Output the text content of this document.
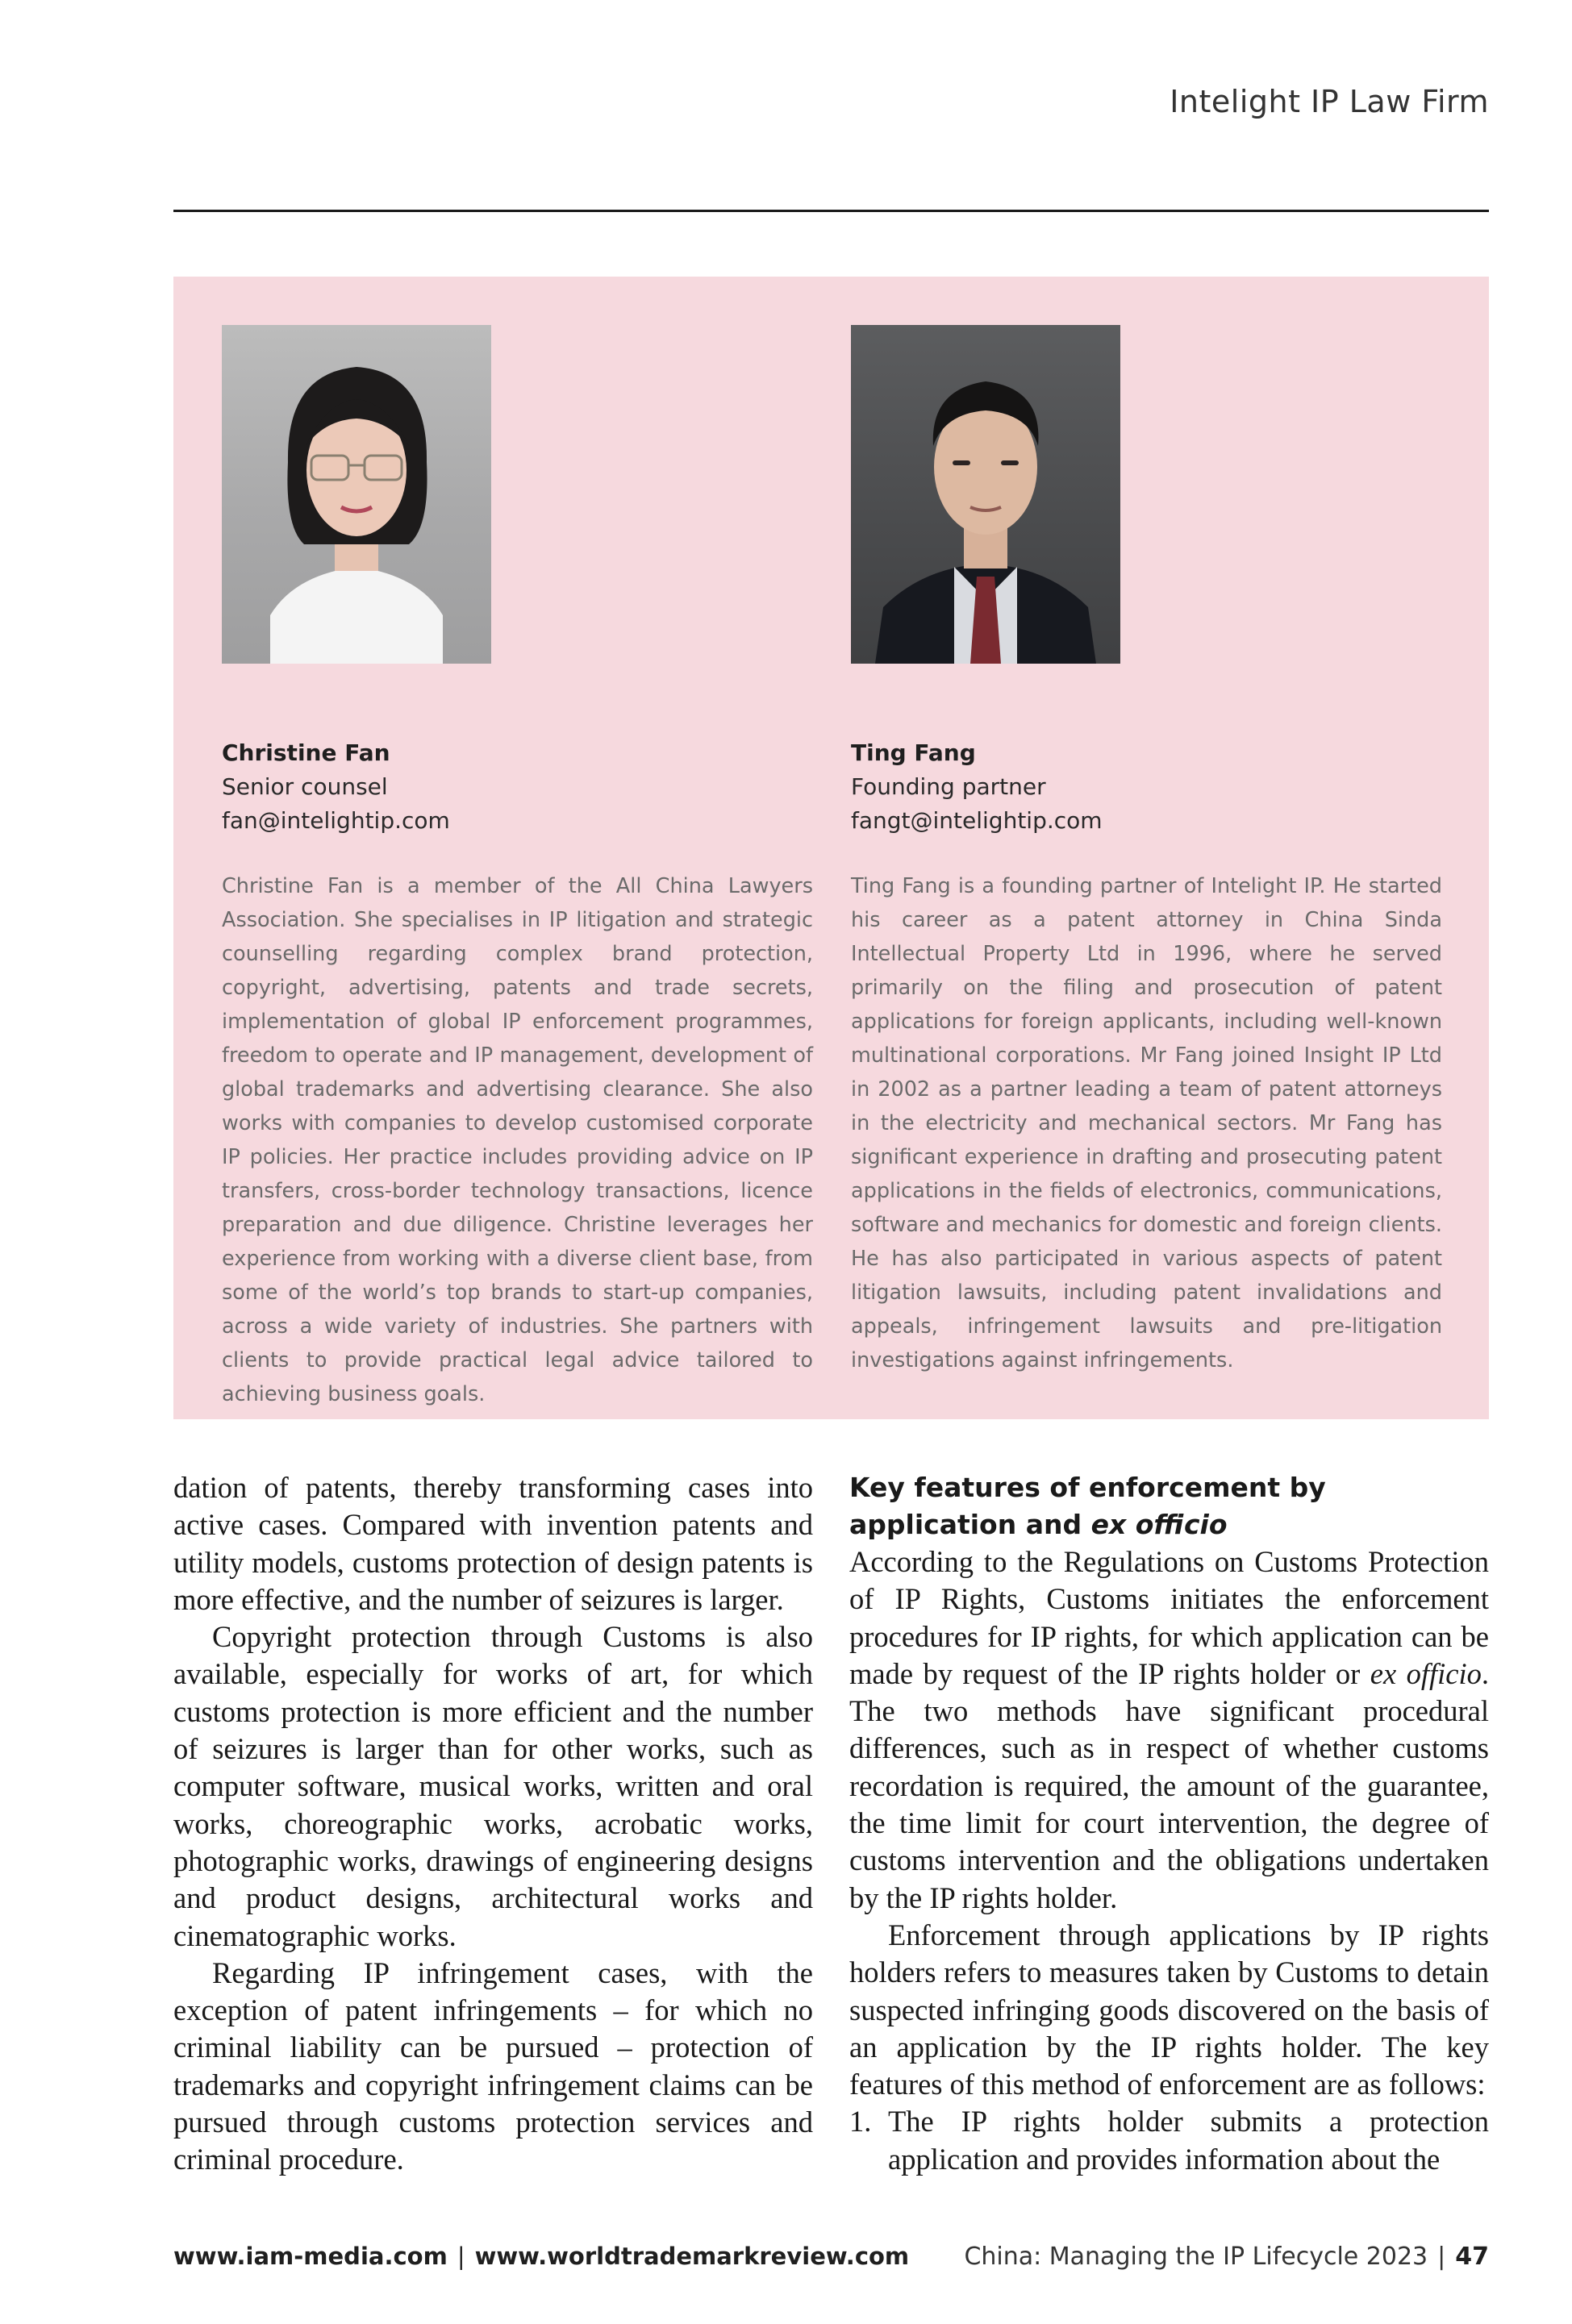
Intelight IP Law Firm
Christine Fan
Senior counsel
fan@intelightip.com
Ting Fang
Founding partner
fangt@intelightip.com
Christine Fan is a member of the All China Lawyers Association. She specialises in IP litigation and strategic counselling regarding complex brand protection, copyright, advertising, patents and trade secrets, implementation of global IP enforcement programmes, freedom to operate and IP management, development of global trademarks and advertising clearance. She also works with companies to develop customised corporate IP policies. Her practice includes providing advice on IP transfers, cross-border technology transactions, licence preparation and due diligence. Christine leverages her experience from working with a diverse client base, from some of the world’s top brands to start-up companies, across a wide variety of industries. She partners with clients to provide practical legal advice tailored to achieving business goals.
Ting Fang is a founding partner of Intelight IP. He started his career as a patent attorney in China Sinda Intellectual Property Ltd in 1996, where he served primarily on the filing and prosecution of patent applications for foreign applicants, including well-known multinational corporations. Mr Fang joined Insight IP Ltd in 2002 as a partner leading a team of patent attorneys in the electricity and mechanical sectors. Mr Fang has significant experience in drafting and prosecuting patent applications in the fields of electronics, communications, software and mechanics for domestic and foreign clients. He has also participated in various aspects of patent litigation lawsuits, including patent invalidations and appeals, infringement lawsuits and pre-litigation investigations against infringements.

dation of patents, thereby transforming cases into active cases. Compared with invention patents and utility models, customs protection of design patents is more effective, and the number of seizures is larger.

Copyright protection through Customs is also available, especially for works of art, for which customs protection is more efficient and the number of seizures is larger than for other works, such as computer software, musical works, written and oral works, choreographic works, acrobatic works, photographic works, drawings of engineering designs and product designs, architectural works and cinematographic works.

Regarding IP infringement cases, with the exception of patent infringements – for which no criminal liability can be pursued – protection of trademarks and copyright infringement claims can be pursued through customs protection services and criminal procedure.

Key features of enforcement by application and ex officio

According to the Regulations on Customs Protection of IP Rights, Customs initiates the enforcement procedures for IP rights, for which application can be made by request of the IP rights holder or ex officio. The two methods have significant procedural differences, such as in respect of whether customs recordation is required, the amount of the guarantee, the time limit for court intervention, the degree of customs intervention and the obligations undertaken by the IP rights holder.

Enforcement through applications by IP rights holders refers to measures taken by Customs to detain suspected infringing goods discovered on the basis of an application by the IP rights holder. The key features of this method of enforcement are as follows:

1. The IP rights holder submits a protection application and provides information about the
www.iam-media.com | www.worldtrademarkreview.com China: Managing the IP Lifecycle 2023 | 47
